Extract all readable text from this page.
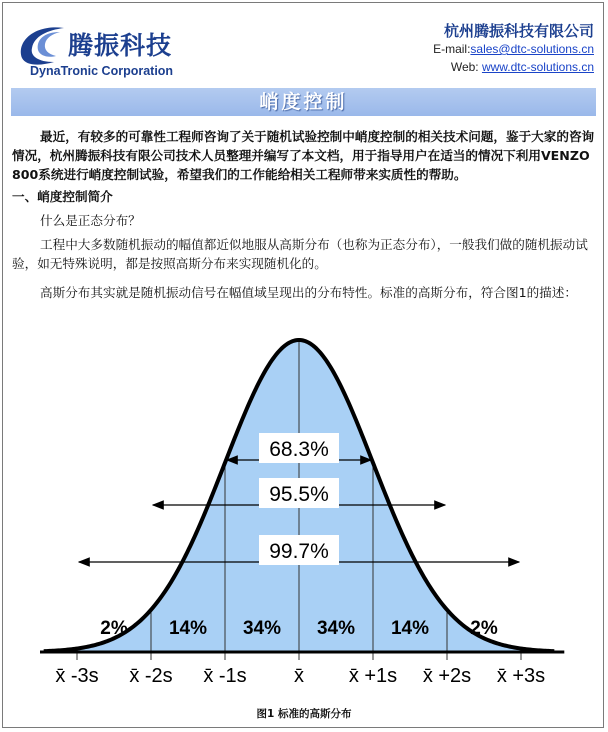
腾振科技
DynaTronic Corporation
杭州腾振科技有限公司
E-mail:sales@dtc-solutions.cn
Web: www.dtc-solutions.cn
峭度控制
最近，有较多的可靠性工程师咨询了关于随机试验控制中峭度控制的相关技术问题，鉴于大家的咨询情况，杭州腾振科技有限公司技术人员整理并编写了本文档，用于指导用户在适当的情况下利用VENZO 800系统进行峭度控制试验，希望我们的工作能给相关工程师带来实质性的帮助。
一、峭度控制简介
什么是正态分布？
工程中大多数随机振动的幅值都近似地服从高斯分布（也称为正态分布），一般我们做的随机振动试验，如无特殊说明，都是按照高斯分布来实现随机化的。
高斯分布其实就是随机振动信号在幅值域呈现出的分布特性。标准的高斯分布，符合图1的描述：
68.3%
95.5%
99.7%
2% 14% 34% 34% 14% 2%
x̄ -3s x̄ -2s x̄ -1s x̄ x̄ +1s x̄ +2s x̄ +3s
图1 标准的高斯分布
